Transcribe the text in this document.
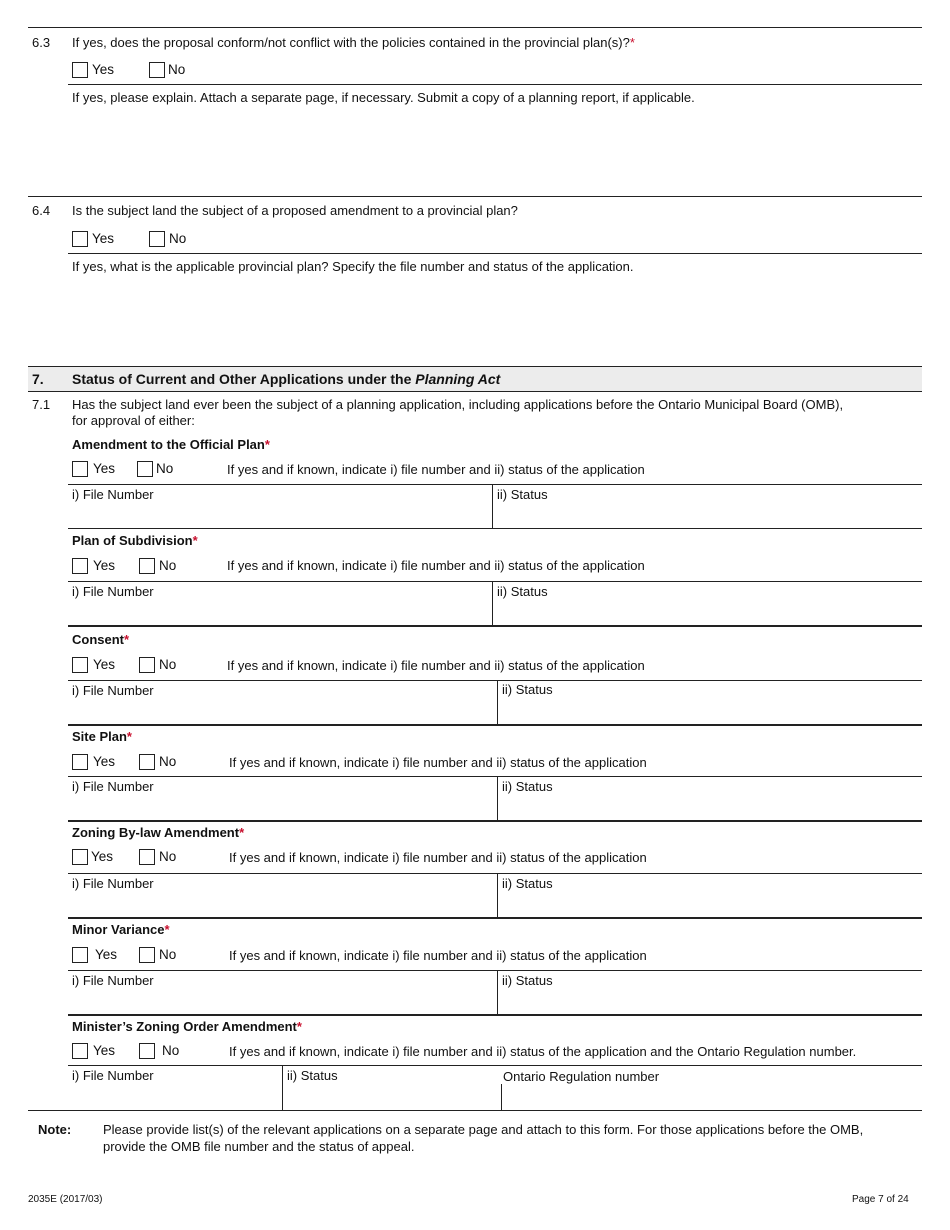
6.3 If yes, does the proposal conform/not conflict with the policies contained in the provincial plan(s)?*
Yes	No
If yes, please explain. Attach a separate page, if necessary. Submit a copy of a planning report, if applicable.
6.4 Is the subject land the subject of a proposed amendment to a provincial plan?
Yes	No
If yes, what is the applicable provincial plan? Specify the file number and status of the application.
7. Status of Current and Other Applications under the Planning Act
7.1 Has the subject land ever been the subject of a planning application, including applications before the Ontario Municipal Board (OMB),
for approval of either:
Amendment to the Official Plan*
Yes	No	If yes and if known, indicate i) file number and ii) status of the application
i) File Number	ii) Status
Plan of Subdivision*
Yes	No	If yes and if known, indicate i) file number and ii) status of the application
i) File Number	ii) Status
Consent*
Yes	No	If yes and if known, indicate i) file number and ii) status of the application
i) File Number	ii) Status
Site Plan*
Yes	No	If yes and if known, indicate i) file number and ii) status of the application
i) File Number	ii) Status
Zoning By-law Amendment*
Yes	No	If yes and if known, indicate i) file number and ii) status of the application
i) File Number	ii) Status
Minor Variance*
Yes	No	If yes and if known, indicate i) file number and ii) status of the application
i) File Number	ii) Status
Minister’s Zoning Order Amendment*
Yes	No	If yes and if known, indicate i) file number and ii) status of the application and the Ontario Regulation number.
i) File Number	ii) Status	Ontario Regulation number
Note: Please provide list(s) of the relevant applications on a separate page and attach to this form. For those applications before the OMB,
provide the OMB file number and the status of appeal.
2035E (2017/03)	Page 7 of 24
